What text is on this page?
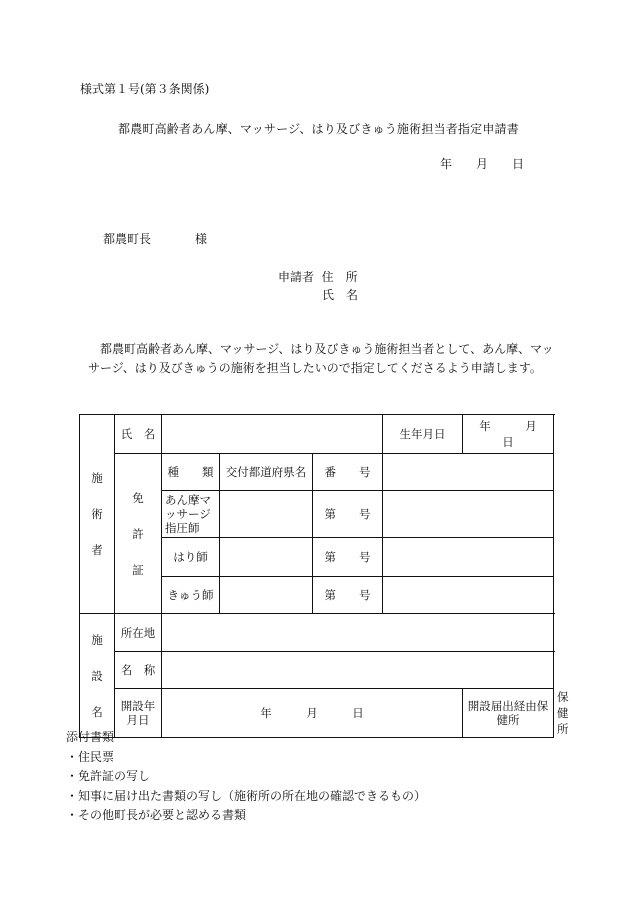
様式第１号(第３条関係)
都農町高齢者あん摩、マッサージ、はり及びきゅう施術担当者指定申請書
年　　月　　日
都農町長	様
申請者 住　所
氏　名
都農町高齢者あん摩、マッサージ、はり及びきゅう施術担当者として、あん摩、マッサージ、はり及びきゅうの施術を担当したいので指定してくださるよう申請します。
施
術
者	氏　名				生年月日	年　　　月　　　日	
	免
許
証	種　　類	交付都道府県名	番　　号			
		あん摩マッサージ指圧師		第　　号			
		はり師		第　　号			
		きゅう師		第　　号			

施
設
名	所在地						
	名　称						
	開設年月日	年　　　月　　　日				開設届出経由保健所	保健所
添付書類
・住民票
・免許証の写し
・知事に届け出た書類の写し（施術所の所在地の確認できるもの）
・その他町長が必要と認める書類
